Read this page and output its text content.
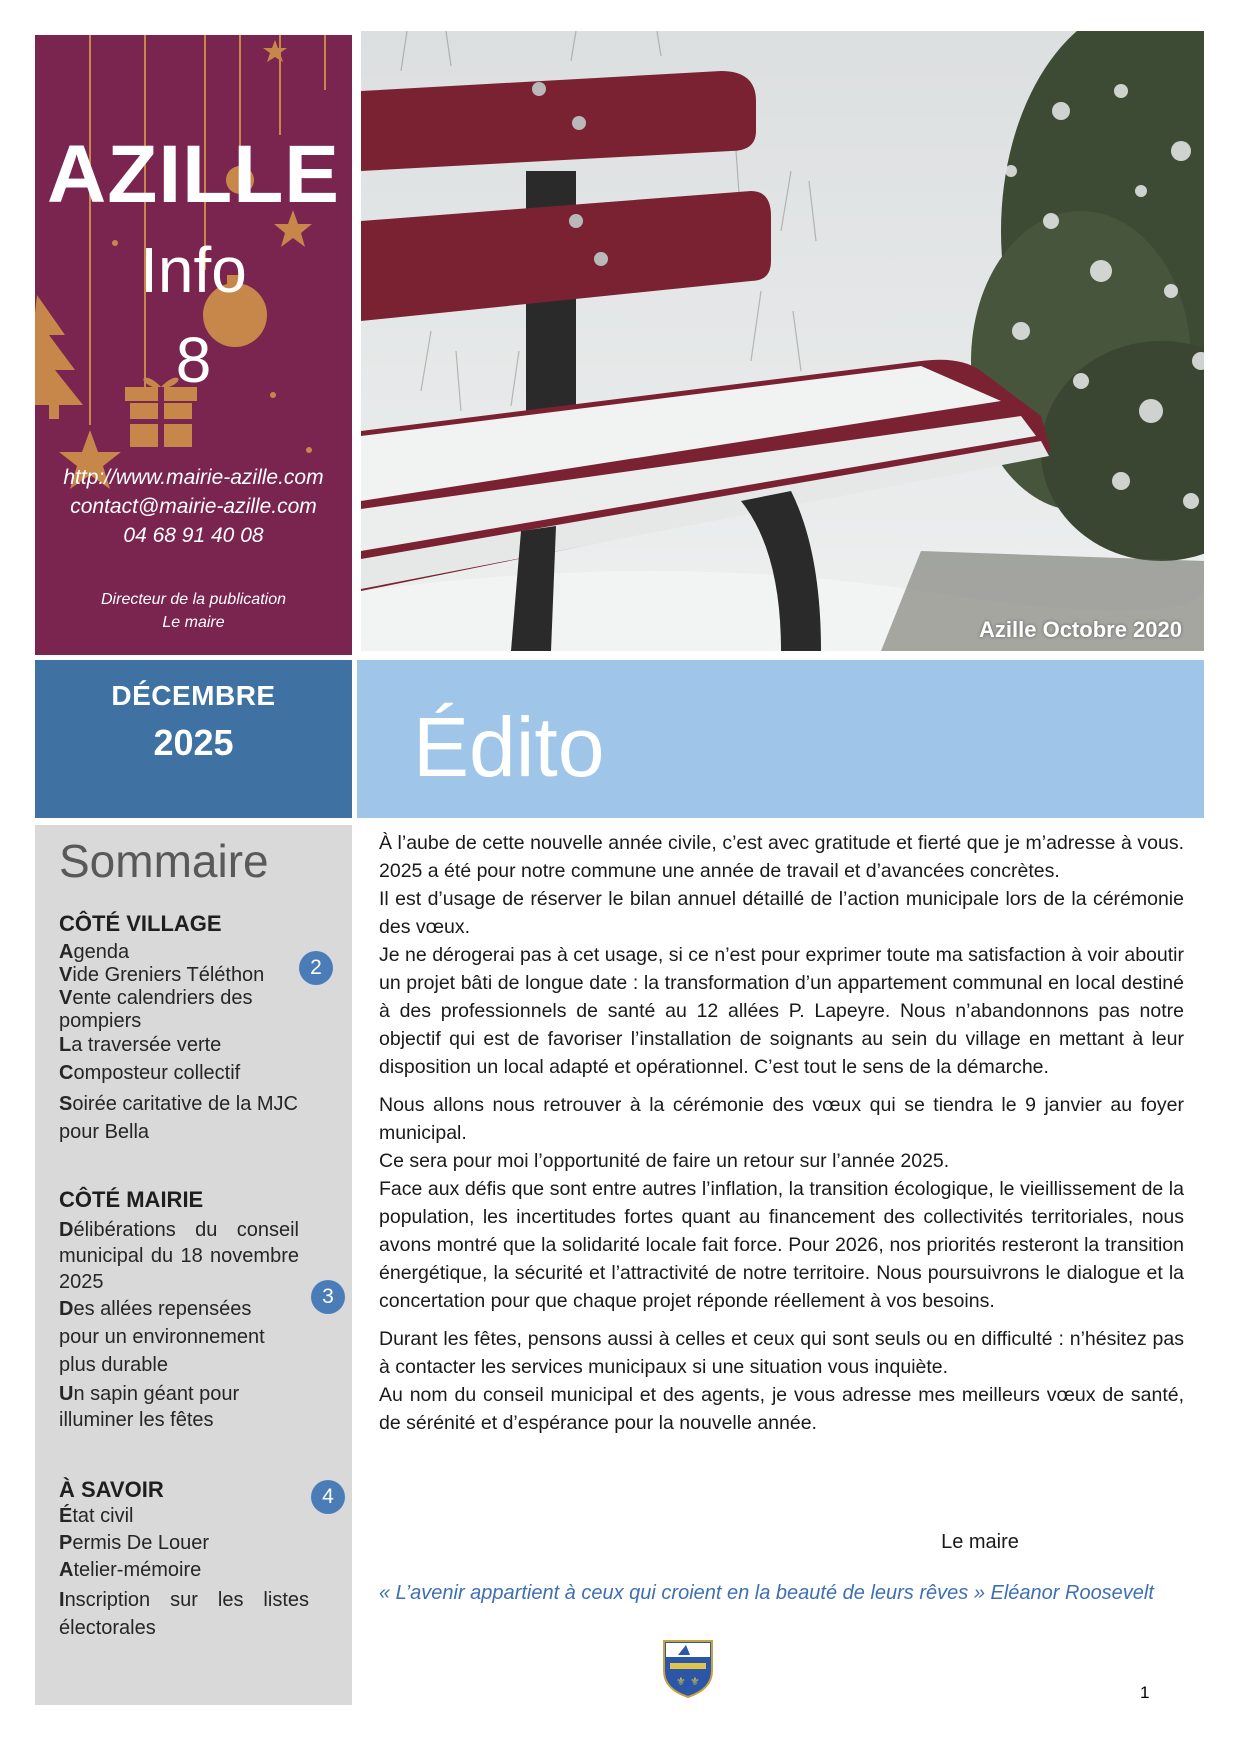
AZILLE
Info
8
http://www.mairie-azille.com
contact@mairie-azille.com
04 68 91 40 08
Directeur de la publication
Le maire	Azille Octobre 2020
DÉCEMBRE
2025	Édito
Sommaire
CÔTÉ VILLAGE
Agenda
Vide Greniers Téléthon
Vente calendriers des pompiers
La traversée verte
Composteur collectif
Soirée caritative de la MJC pour Bella
2
CÔTÉ MAIRIE
Délibérations du conseil municipal du 18 novembre 2025
Des allées repensées pour un environnement plus durable
Un sapin géant pour illuminer les fêtes
3
À SAVOIR
État civil
Permis De Louer
Atelier-mémoire
Inscription sur les listes électorales
4

À l’aube de cette nouvelle année civile, c’est avec gratitude et fierté que je m’adresse à vous. 2025 a été pour notre commune une année de travail et d’avancées concrètes.

Il est d’usage de réserver le bilan annuel détaillé de l’action municipale lors de la cérémonie des vœux.

Je ne dérogerai pas à cet usage, si ce n’est pour exprimer toute ma satisfaction à voir aboutir un projet bâti de longue date : la transformation d’un appartement communal en local destiné à des professionnels de santé au 12 allées P. Lapeyre. Nous n’abandonnons pas notre objectif qui est de favoriser l’installation de soignants au sein du village en mettant à leur disposition un local adapté et opérationnel. C’est tout le sens de la démarche.

Nous allons nous retrouver à la cérémonie des vœux qui se tiendra le 9 janvier au foyer municipal.

Ce sera pour moi l’opportunité de faire un retour sur l’année 2025.

Face aux défis que sont entre autres l’inflation, la transition écologique, le vieillissement de la population, les incertitudes fortes quant au financement des collectivités territoriales, nous avons montré que la solidarité locale fait force. Pour 2026, nos priorités resteront la transition énergétique, la sécurité et l’attractivité de notre territoire. Nous poursuivrons le dialogue et la concertation pour que chaque projet réponde réellement à vos besoins.

Durant les fêtes, pensons aussi à celles et ceux qui sont seuls ou en difficulté : n’hésitez pas à contacter les services municipaux si une situation vous inquiète.

Au nom du conseil municipal et des agents, je vous adresse mes meilleurs vœux de santé, de sérénité et d’espérance pour la nouvelle année.

Le maire
« L’avenir appartient à ceux qui croient en la beauté de leurs rêves » Eléanor Roosevelt
⚜ ⚜
1
